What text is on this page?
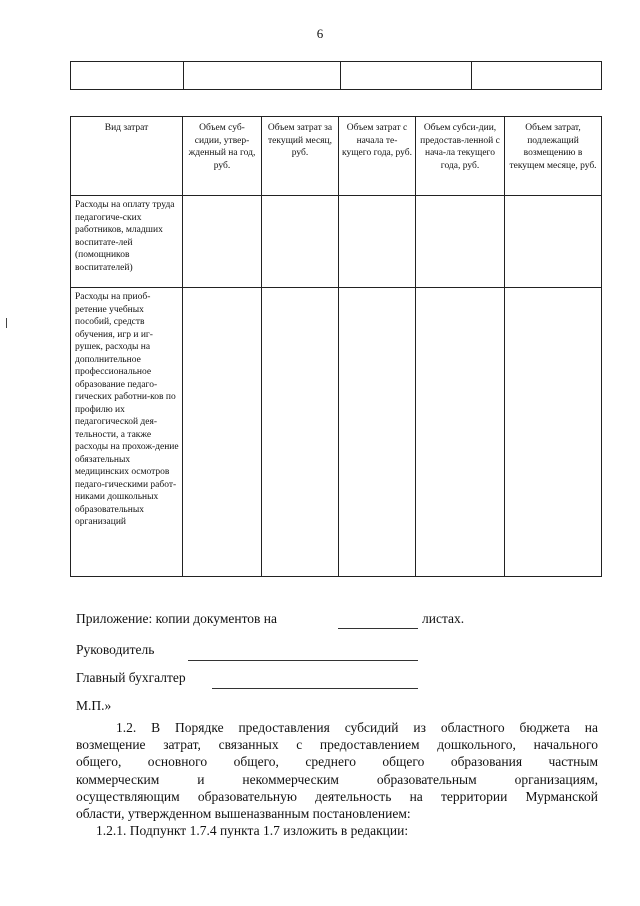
6

Вид затрат	Объем суб-сидии, утвер-жденный на год, руб.	Объем затрат за текущий месяц, руб.	Объем затрат с начала те-кущего года, руб.	Объем субси-дии, предостав-ленной с нача-ла текущего года, руб.	Объем затрат, подлежащий возмещению в текущем месяце, руб.
Расходы на оплату труда педагогиче-ских работников, младших воспитате-лей (помощников воспитателей)					
Расходы на приоб-ретение учебных пособий, средств обучения, игр и иг-рушек, расходы на дополнительное профессиональное образование педаго-гических работни-ков по профилю их педагогической дея-тельности, а также расходы на прохож-дение обязательных медицинских осмотров педаго-гическими работ-никами дошкольных образовательных организаций					
Приложение: копии документов на	листах.
Руководитель
Главный бухгалтер
М.П.»
1.2. В Порядке предоставления субсидий из областного бюджета на
возмещение затрат, связанных с предоставлением дошкольного, начального
общего, основного общего, среднего общего образования частным
коммерческим и некоммерческим образовательным организациям,
осуществляющим образовательную деятельность на территории Мурманской
области, утвержденном вышеназванным постановлением:
1.2.1. Подпункт 1.7.4 пункта 1.7 изложить в редакции:
